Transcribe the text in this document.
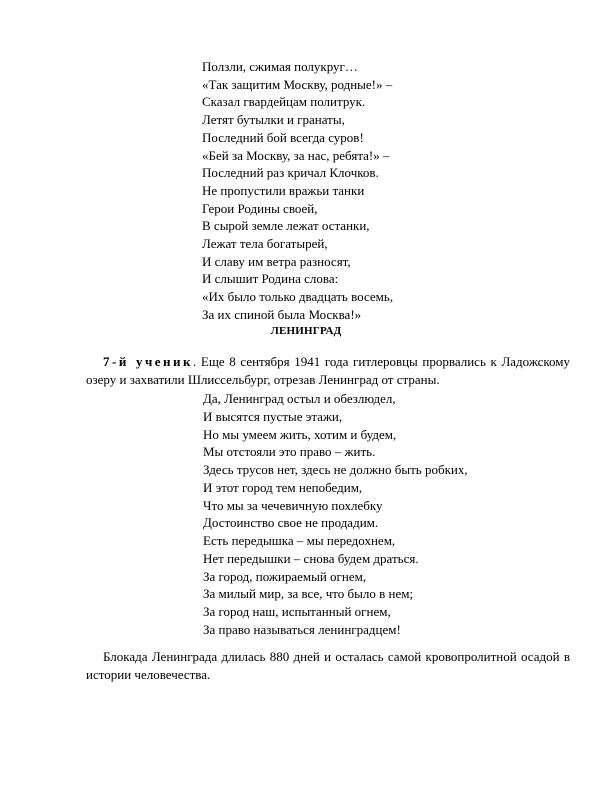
Ползли, сжимая полукруг…
«Так защитим Москву, родные!» –
Сказал гвардейцам политрук.
Летят бутылки и гранаты,
Последний бой всегда суров!
«Бей за Москву, за нас, ребята!» –
Последний раз кричал Клочков.
Не пропустили вражьи танки
Герои Родины своей,
В сырой земле лежат останки,
Лежат тела богатырей,
И славу им ветра разносят,
И слышит Родина слова:
«Их было только двадцать восемь,
За их спиной была Москва!»
ЛЕНИНГРАД

7-й ученик. Еще 8 сентября 1941 года гитлеровцы прорвались к Ладожскому озеру и захватили Шлиссельбург, отрезав Ленинград от страны.

Да, Ленинград остыл и обезлюдел,
И высятся пустые этажи,
Но мы умеем жить, хотим и будем,
Мы отстояли это право – жить.
Здесь трусов нет, здесь не должно быть робких,
И этот город тем непобедим,
Что мы за чечевичную похлебку
Достоинство свое не продадим.
Есть передышка – мы передохнем,
Нет передышки – снова будем драться.
За город, пожираемый огнем,
За милый мир, за все, что было в нем;
За город наш, испытанный огнем,
За право называться ленинградцем!

Блокада Ленинграда длилась 880 дней и осталась самой кровопролитной осадой в истории человечества.
